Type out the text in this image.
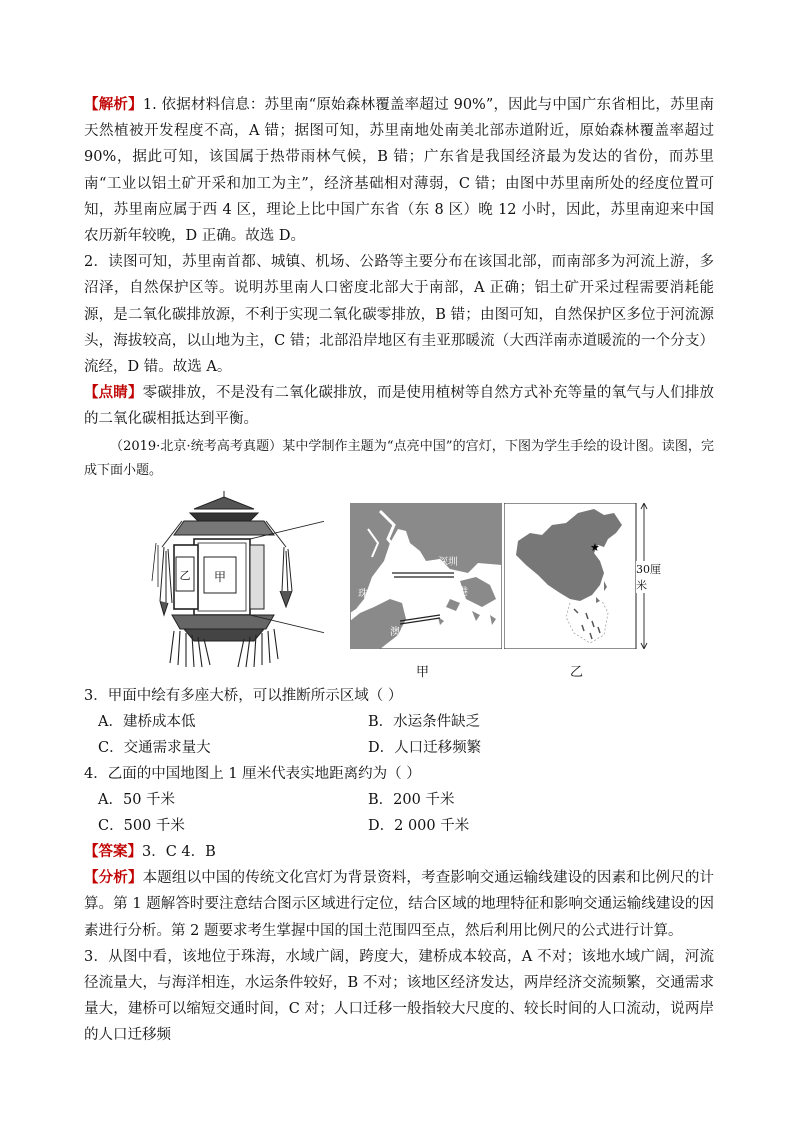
【解析】1. 依据材料信息：苏里南“原始森林覆盖率超过 90%”，因此与中国广东省相比，苏里南天然植被开发程度不高，A 错；据图可知，苏里南地处南美北部赤道附近，原始森林覆盖率超过 90%，据此可知，该国属于热带雨林气候，B 错；广东省是我国经济最为发达的省份，而苏里南“工业以铝土矿开采和加工为主”，经济基础相对薄弱，C 错；由图中苏里南所处的经度位置可知，苏里南应属于西 4 区，理论上比中国广东省（东 8 区）晚 12 小时，因此，苏里南迎来中国农历新年较晚，D 正确。故选 D。

2．读图可知，苏里南首都、城镇、机场、公路等主要分布在该国北部，而南部多为河流上游，多沼泽，自然保护区等。说明苏里南人口密度北部大于南部，A 正确；铝土矿开采过程需要消耗能源，是二氧化碳排放源，不利于实现二氧化碳零排放，B 错；由图可知，自然保护区多位于河流源头，海拔较高，以山地为主，C 错；北部沿岸地区有圭亚那暖流（大西洋南赤道暖流的一个分支）流经，D 错。故选 A。

【点睛】零碳排放，不是没有二氧化碳排放，而是使用植树等自然方式补充等量的氧气与人们排放的二氧化碳相抵达到平衡。

（2019·北京·统考高考真题）某中学制作主题为“点亮中国”的宫灯，下图为学生手绘的设计图。读图，完成下面小题。

甲
乙
深圳
珠海	香港
澳门
甲
★
30厘米
乙

3．甲面中绘有多座大桥，可以推断所示区域（ ）

A．建桥成本低	B．水运条件缺乏
C．交通需求量大	D．人口迁移频繁

4．乙面的中国地图上 1 厘米代表实地距离约为（ ）

A．50 千米	B．200 千米
C．500 千米	D．2 000 千米

【答案】3．C 4．B

【分析】本题组以中国的传统文化宫灯为背景资料，考查影响交通运输线建设的因素和比例尺的计算。第 1 题解答时要注意结合图示区域进行定位，结合区域的地理特征和影响交通运输线建设的因素进行分析。第 2 题要求考生掌握中国的国土范围四至点，然后利用比例尺的公式进行计算。

3．从图中看，该地位于珠海，水域广阔，跨度大，建桥成本较高，A 不对；该地水域广阔，河流径流量大，与海洋相连，水运条件较好，B 不对；该地区经济发达，两岸经济交流频繁，交通需求量大，建桥可以缩短交通时间，C 对；人口迁移一般指较大尺度的、较长时间的人口流动，说两岸的人口迁移频
